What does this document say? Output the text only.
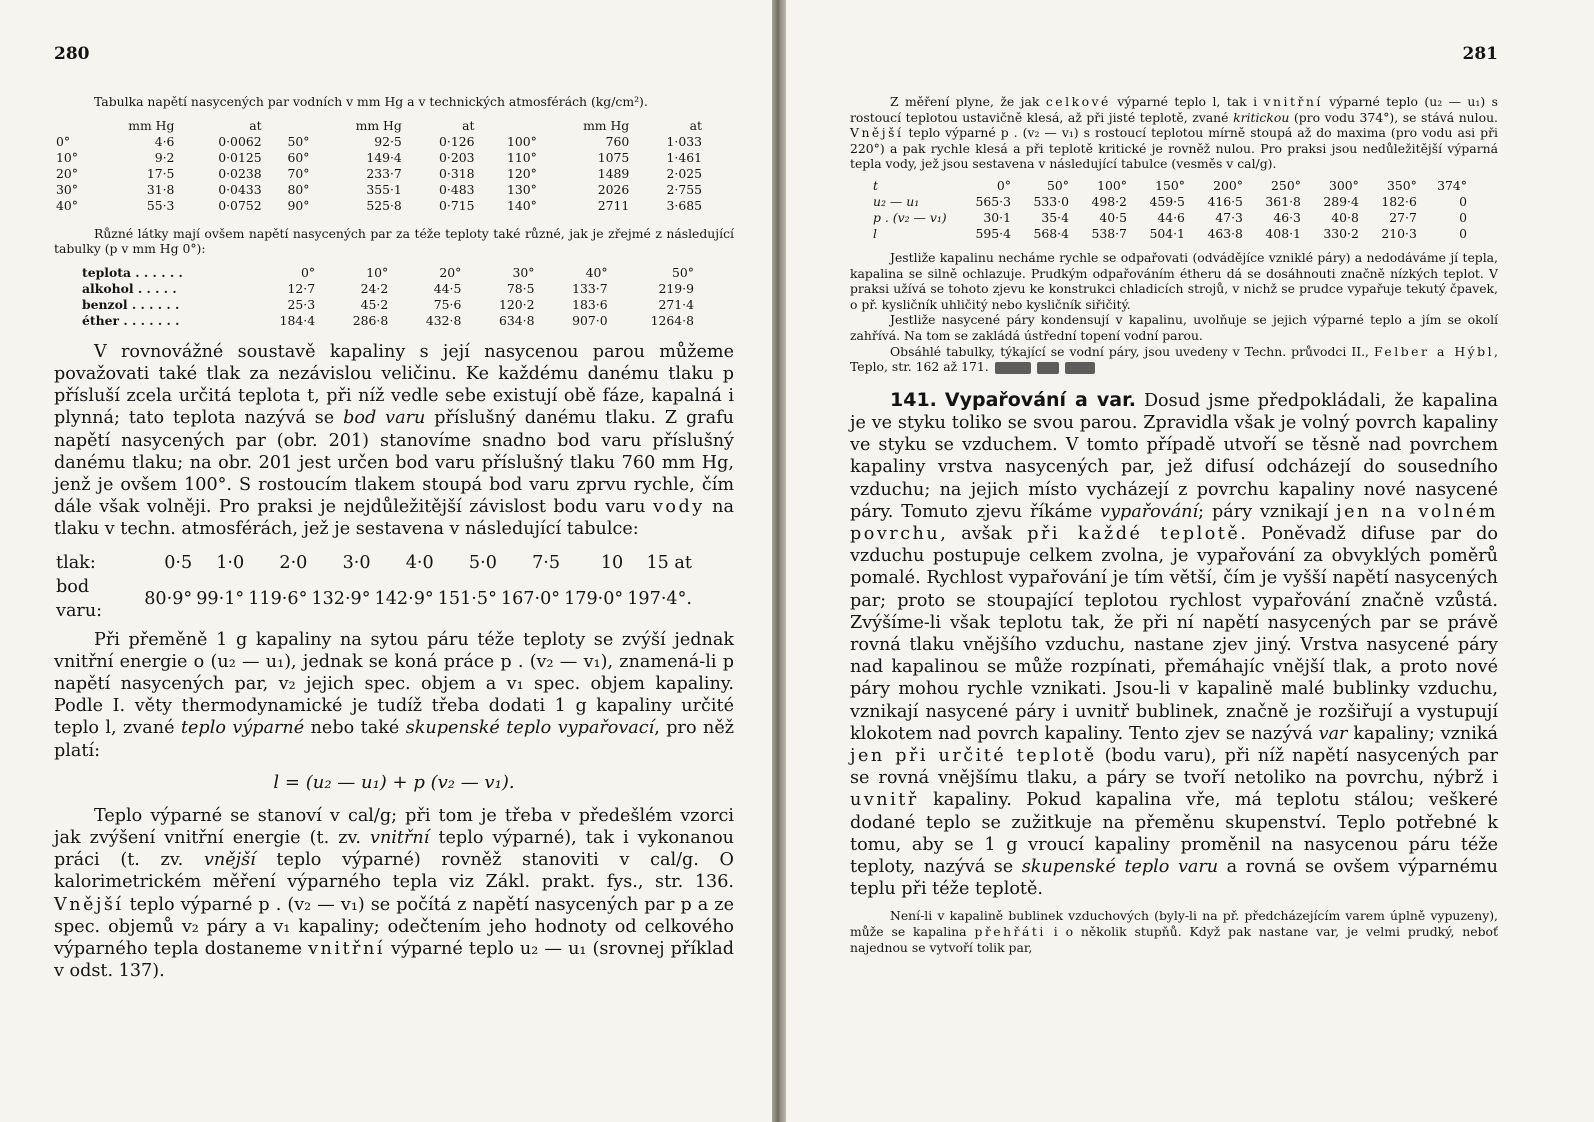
280

Tabulka napětí nasycených par vodních v mm Hg a v technických atmosférách (kg/cm²).

	mm Hg	at		mm Hg	at		mm Hg	at
0°	4·6	0·0062	50°	92·5	0·126	100°	760	1·033
10°	9·2	0·0125	60°	149·4	0·203	110°	1075	1·461
20°	17·5	0·0238	70°	233·7	0·318	120°	1489	2·025
30°	31·8	0·0433	80°	355·1	0·483	130°	2026	2·755
40°	55·3	0·0752	90°	525·8	0·715	140°	2711	3·685

Různé látky mají ovšem napětí nasycených par za téže teploty také různé, jak je zřejmé z následující tabulky (p v mm Hg 0°):

teplota . . . . . .	0°	10°	20°	30°	40°	50°
alkohol . . . . .	12·7	24·2	44·5	78·5	133·7	219·9
benzol . . . . . .	25·3	45·2	75·6	120·2	183·6	271·4
éther . . . . . . .	184·4	286·8	432·8	634·8	907·0	1264·8

V rovnovážné soustavě kapaliny s její nasycenou parou můžeme považovati také tlak za nezávislou veličinu. Ke každému danému tlaku p přísluší zcela určitá teplota t, při níž vedle sebe existují obě fáze, kapalná i plynná; tato teplota nazývá se bod varu příslušný danému tlaku. Z grafu napětí nasycených par (obr. 201) stanovíme snadno bod varu příslušný danému tlaku; na obr. 201 jest určen bod varu příslušný tlaku 760 mm Hg, jenž je ovšem 100°. S rostoucím tlakem stoupá bod varu zprvu rychle, čím dále však volněji. Pro praksi je nejdůležitější závislost bodu varu vody na tlaku v techn. atmosférách, jež je sestavena v následující tabulce:

tlak:	0·5	1·0	2·0	3·0	4·0	5·0	7·5	10	15 at
bod varu:	80·9°	99·1°	119·6°	132·9°	142·9°	151·5°	167·0°	179·0°	197·4°.

Při přeměně 1 g kapaliny na sytou páru téže teploty se zvýší jednak vnitřní energie o (u₂ — u₁), jednak se koná práce p . (v₂ — v₁), znamená-li p napětí nasycených par, v₂ jejich spec. objem a v₁ spec. objem kapaliny. Podle I. věty thermodynamické je tudíž třeba dodati 1 g kapaliny určité teplo l, zvané teplo výparné nebo také skupenské teplo vypařovací, pro něž platí:

l = (u₂ — u₁) + p (v₂ — v₁).

Teplo výparné se stanoví v cal/g; při tom je třeba v předešlém vzorci jak zvýšení vnitřní energie (t. zv. vnitřní teplo výparné), tak i vykonanou práci (t. zv. vnější teplo výparné) rovněž stanoviti v cal/g. O kalorimetrickém měření výparného tepla viz Zákl. prakt. fys., str. 136. Vnější teplo výparné p . (v₂ — v₁) se počítá z napětí nasycených par p a ze spec. objemů v₂ páry a v₁ kapaliny; odečtením jeho hodnoty od celkového výparného tepla dostaneme vnitřní výparné teplo u₂ — u₁ (srovnej příklad v odst. 137).

281

Z měření plyne, že jak celkové výparné teplo l, tak i vnitřní výparné teplo (u₂ — u₁) s rostoucí teplotou ustavičně klesá, až při jisté teplotě, zvané kritickou (pro vodu 374°), se stává nulou. Vnější teplo výparné p . (v₂ — v₁) s rostoucí teplotou mírně stoupá až do maxima (pro vodu asi při 220°) a pak rychle klesá a při teplotě kritické je rovněž nulou. Pro praksi jsou nedůležitější výparná tepla vody, jež jsou sestavena v následující tabulce (vesměs v cal/g).

t	0°	50°	100°	150°	200°	250°	300°	350°	374°
u₂ — u₁	565·3	533·0	498·2	459·5	416·5	361·8	289·4	182·6	0
p . (v₂ — v₁)	30·1	35·4	40·5	44·6	47·3	46·3	40·8	27·7	0
l	595·4	568·4	538·7	504·1	463·8	408·1	330·2	210·3	0

Jestliže kapalinu necháme rychle se odpařovati (odvádějíce vzniklé páry) a nedodáváme jí tepla, kapalina se silně ochlazuje. Prudkým odpařováním étheru dá se dosáhnouti značně nízkých teplot. V praksi užívá se tohoto zjevu ke konstrukci chladicích strojů, v nichž se prudce vypařuje tekutý čpavek, o př. kysličník uhličitý nebo kysličník siřičitý.

Jestliže nasycené páry kondensují v kapalinu, uvolňuje se jejich výparné teplo a jím se okolí zahřívá. Na tom se zakládá ústřední topení vodní parou.

Obsáhlé tabulky, týkající se vodní páry, jsou uvedeny v Techn. průvodci II., Felber a Hýbl, Teplo, str. 162 až 171.

141. Vypařování a var. Dosud jsme předpokládali, že kapalina je ve styku toliko se svou parou. Zpravidla však je volný povrch kapaliny ve styku se vzduchem. V tomto případě utvoří se těsně nad povrchem kapaliny vrstva nasycených par, jež difusí odcházejí do sousedního vzduchu; na jejich místo vycházejí z povrchu kapaliny nové nasycené páry. Tomuto zjevu říkáme vypařování; páry vznikají jen na volném povrchu, avšak při každé teplotě. Poněvadž difuse par do vzduchu postupuje celkem zvolna, je vypařování za obvyklých poměrů pomalé. Rychlost vypařování je tím větší, čím je vyšší napětí nasycených par; proto se stoupající teplotou rychlost vypařování značně vzůstá. Zvýšíme-li však teplotu tak, že při ní napětí nasycených par se právě rovná tlaku vnějšího vzduchu, nastane zjev jiný. Vrstva nasycené páry nad kapalinou se může rozpínati, přemáhajíc vnější tlak, a proto nové páry mohou rychle vznikati. Jsou-li v kapalině malé bublinky vzduchu, vznikají nasycené páry i uvnitř bublinek, značně je rozšiřují a vystupují klokotem nad povrch kapaliny. Tento zjev se nazývá var kapaliny; vzniká jen při určité teplotě (bodu varu), při níž napětí nasycených par se rovná vnějšímu tlaku, a páry se tvoří netoliko na povrchu, nýbrž i uvnitř kapaliny. Pokud kapalina vře, má teplotu stálou; veškeré dodané teplo se zužitkuje na přeměnu skupenství. Teplo potřebné k tomu, aby se 1 g vroucí kapaliny proměnil na nasycenou páru téže teploty, nazývá se skupenské teplo varu a rovná se ovšem výparnému teplu při téže teplotě.

Není-li v kapalině bublinek vzduchových (byly-li na př. předcházejícím varem úplně vypuzeny), může se kapalina přehřáti i o několik stupňů. Když pak nastane var, je velmi prudký, neboť najednou se vytvoří tolik par,
